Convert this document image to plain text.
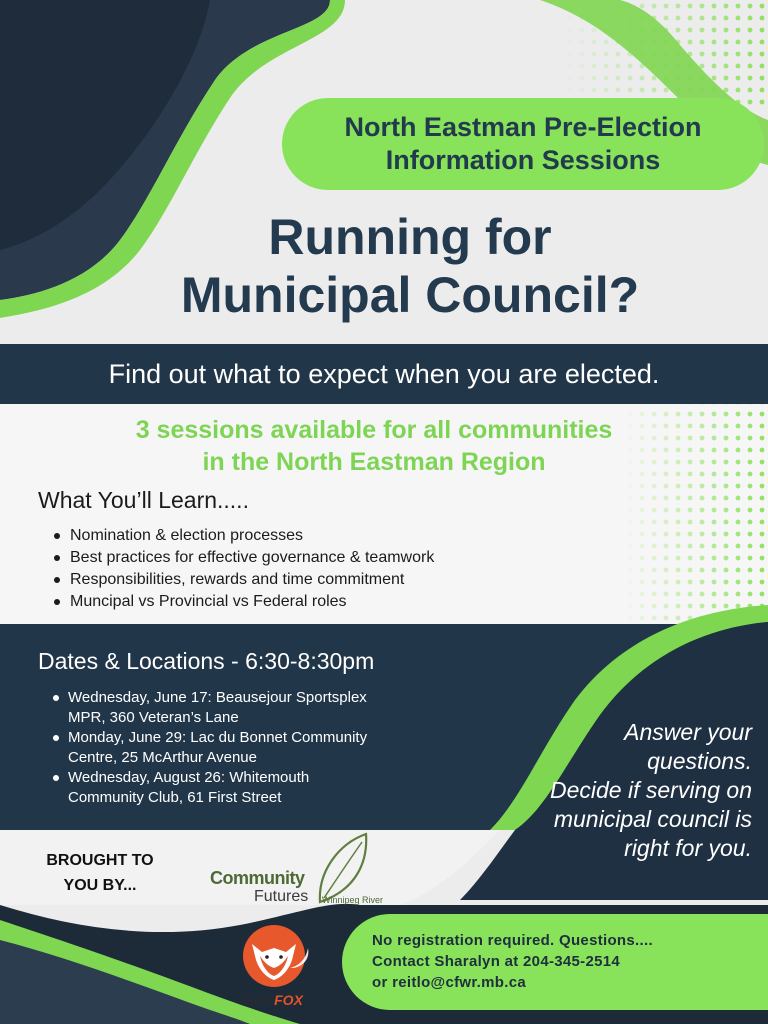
North Eastman Pre-Election
Information Sessions
Running for
Municipal Council?
Find out what to expect when you are elected.
3 sessions available for all communities
in the North Eastman Region
What You’ll Learn.....
Nomination & election processes
Best practices for effective governance & teamwork
Responsibilities, rewards and time commitment
Muncipal vs Provincial vs Federal roles
Dates & Locations - 6:30-8:30pm
Wednesday, June 17: Beausejour Sportsplex
MPR, 360 Veteran’s Lane
Monday, June 29: Lac du Bonnet Community
Centre, 25 McArthur Avenue
Wednesday, August 26: Whitemouth
Community Club, 61 First Street
Answer your
questions.
Decide if serving on
municipal council is
right for you.
BROUGHT TO
YOU BY...	Community
Futures Winnipeg River
GOVFOX
No registration required. Questions....
Contact Sharalyn at 204-345-2514
or reitlo@cfwr.mb.ca
